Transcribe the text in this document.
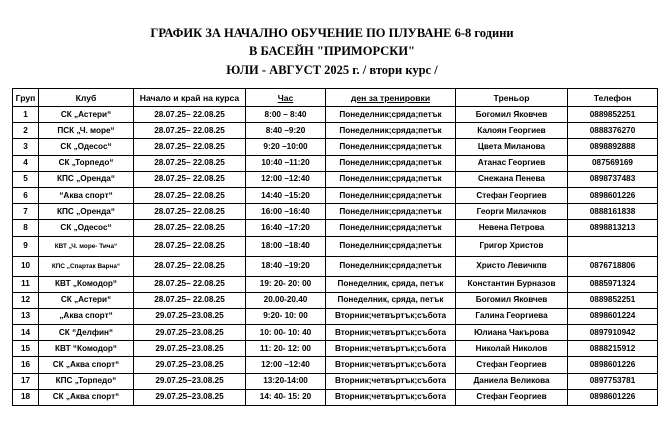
ГРАФИК ЗА НАЧАЛНО ОБУЧЕНИЕ ПО ПЛУВАНЕ 6-8 години
В БАСЕЙН "ПРИМОРСКИ"
ЮЛИ - АВГУСТ 2025 г. / втори курс /
Груп	Клуб	Начало и край на курса	Час	ден за тренировки	Треньор	Телефон
1	СК „Астери“	28.07.25– 22.08.25	8:00 – 8:40	Понеделник;сряда;петък	Богомил Яковчев	0889852251
2	ПСК „Ч. море“	28.07.25– 22.08.25	8:40 –9:20	Понеделник;сряда;петък	Калоян Георгиев	0888376270
3	СК „Одесос“	28.07.25– 22.08.25	9:20 –10:00	Понеделник;сряда;петък	Цвета Миланова	0898892888
4	СК „Торпедо“	28.07.25– 22.08.25	10:40 –11:20	Понеделник;сряда;петък	Атанас Георгиев	087569169
5	КПС „Оренда“	28.07.25– 22.08.25	12:00 –12:40	Понеделник;сряда;петък	Снежана Пенева	0898737483
6	“Аква спорт“	28.07.25– 22.08.25	14:40 –15:20	Понеделник;сряда;петък	Стефан Георгиев	0898601226
7	КПС „Оренда“	28.07.25– 22.08.25	16:00 –16:40	Понеделник;сряда;петък	Георги Милачков	0888161838
8	СК „Одесос“	28.07.25– 22.08.25	16:40 –17:20	Понеделник;сряда;петък	Невена Петрова	0898813213
9	КВТ „Ч. море- Тича“	28.07.25– 22.08.25	18:00 –18:40	Понеделник;сряда;петък	Григор Христов	
10	КПС „Спартак Варна“	28.07.25– 22.08.25	18:40 –19:20	Понеделник;сряда;петък	Христо Левичкпв	0876718806
11	КВТ „Комодор“	28.07.25– 22.08.25	19: 20- 20: 00	Понеделник, сряда, петък	Константин Бурназов	0885971324
12	СК „Астери“	28.07.25– 22.08.25	20.00-20.40	Понеделник, сряда, петък	Богомил Яковчев	0889852251
13	„Аква спорт“	29.07.25–23.08.25	9:20- 10: 00	Вторник;четвъртък;събота	Галина Георгиева	0898601224
14	СК “Делфин“	29.07.25–23.08.25	10: 00- 10: 40	Вторник;четвъртък;събота	Юлиана Чакърова	0897910942
15	КВТ “Комодор“	29.07.25–23.08.25	11: 20- 12: 00	Вторник;четвъртък;събота	Николай Николов	0888215912
16	СК „Аква спорт“	29.07.25–23.08.25	12:00 –12:40	Вторник;четвъртък;събота	Стефан Георгиев	0898601226
17	КПС „Торпедо“	29.07.25–23.08.25	13:20-14:00	Вторник;четвъртък;събота	Даниела Великова	0897753781
18	СК „Аква спорт“	29.07.25–23.08.25	14: 40- 15: 20	Вторник;четвъртък;събота	Стефан Георгиев	0898601226
